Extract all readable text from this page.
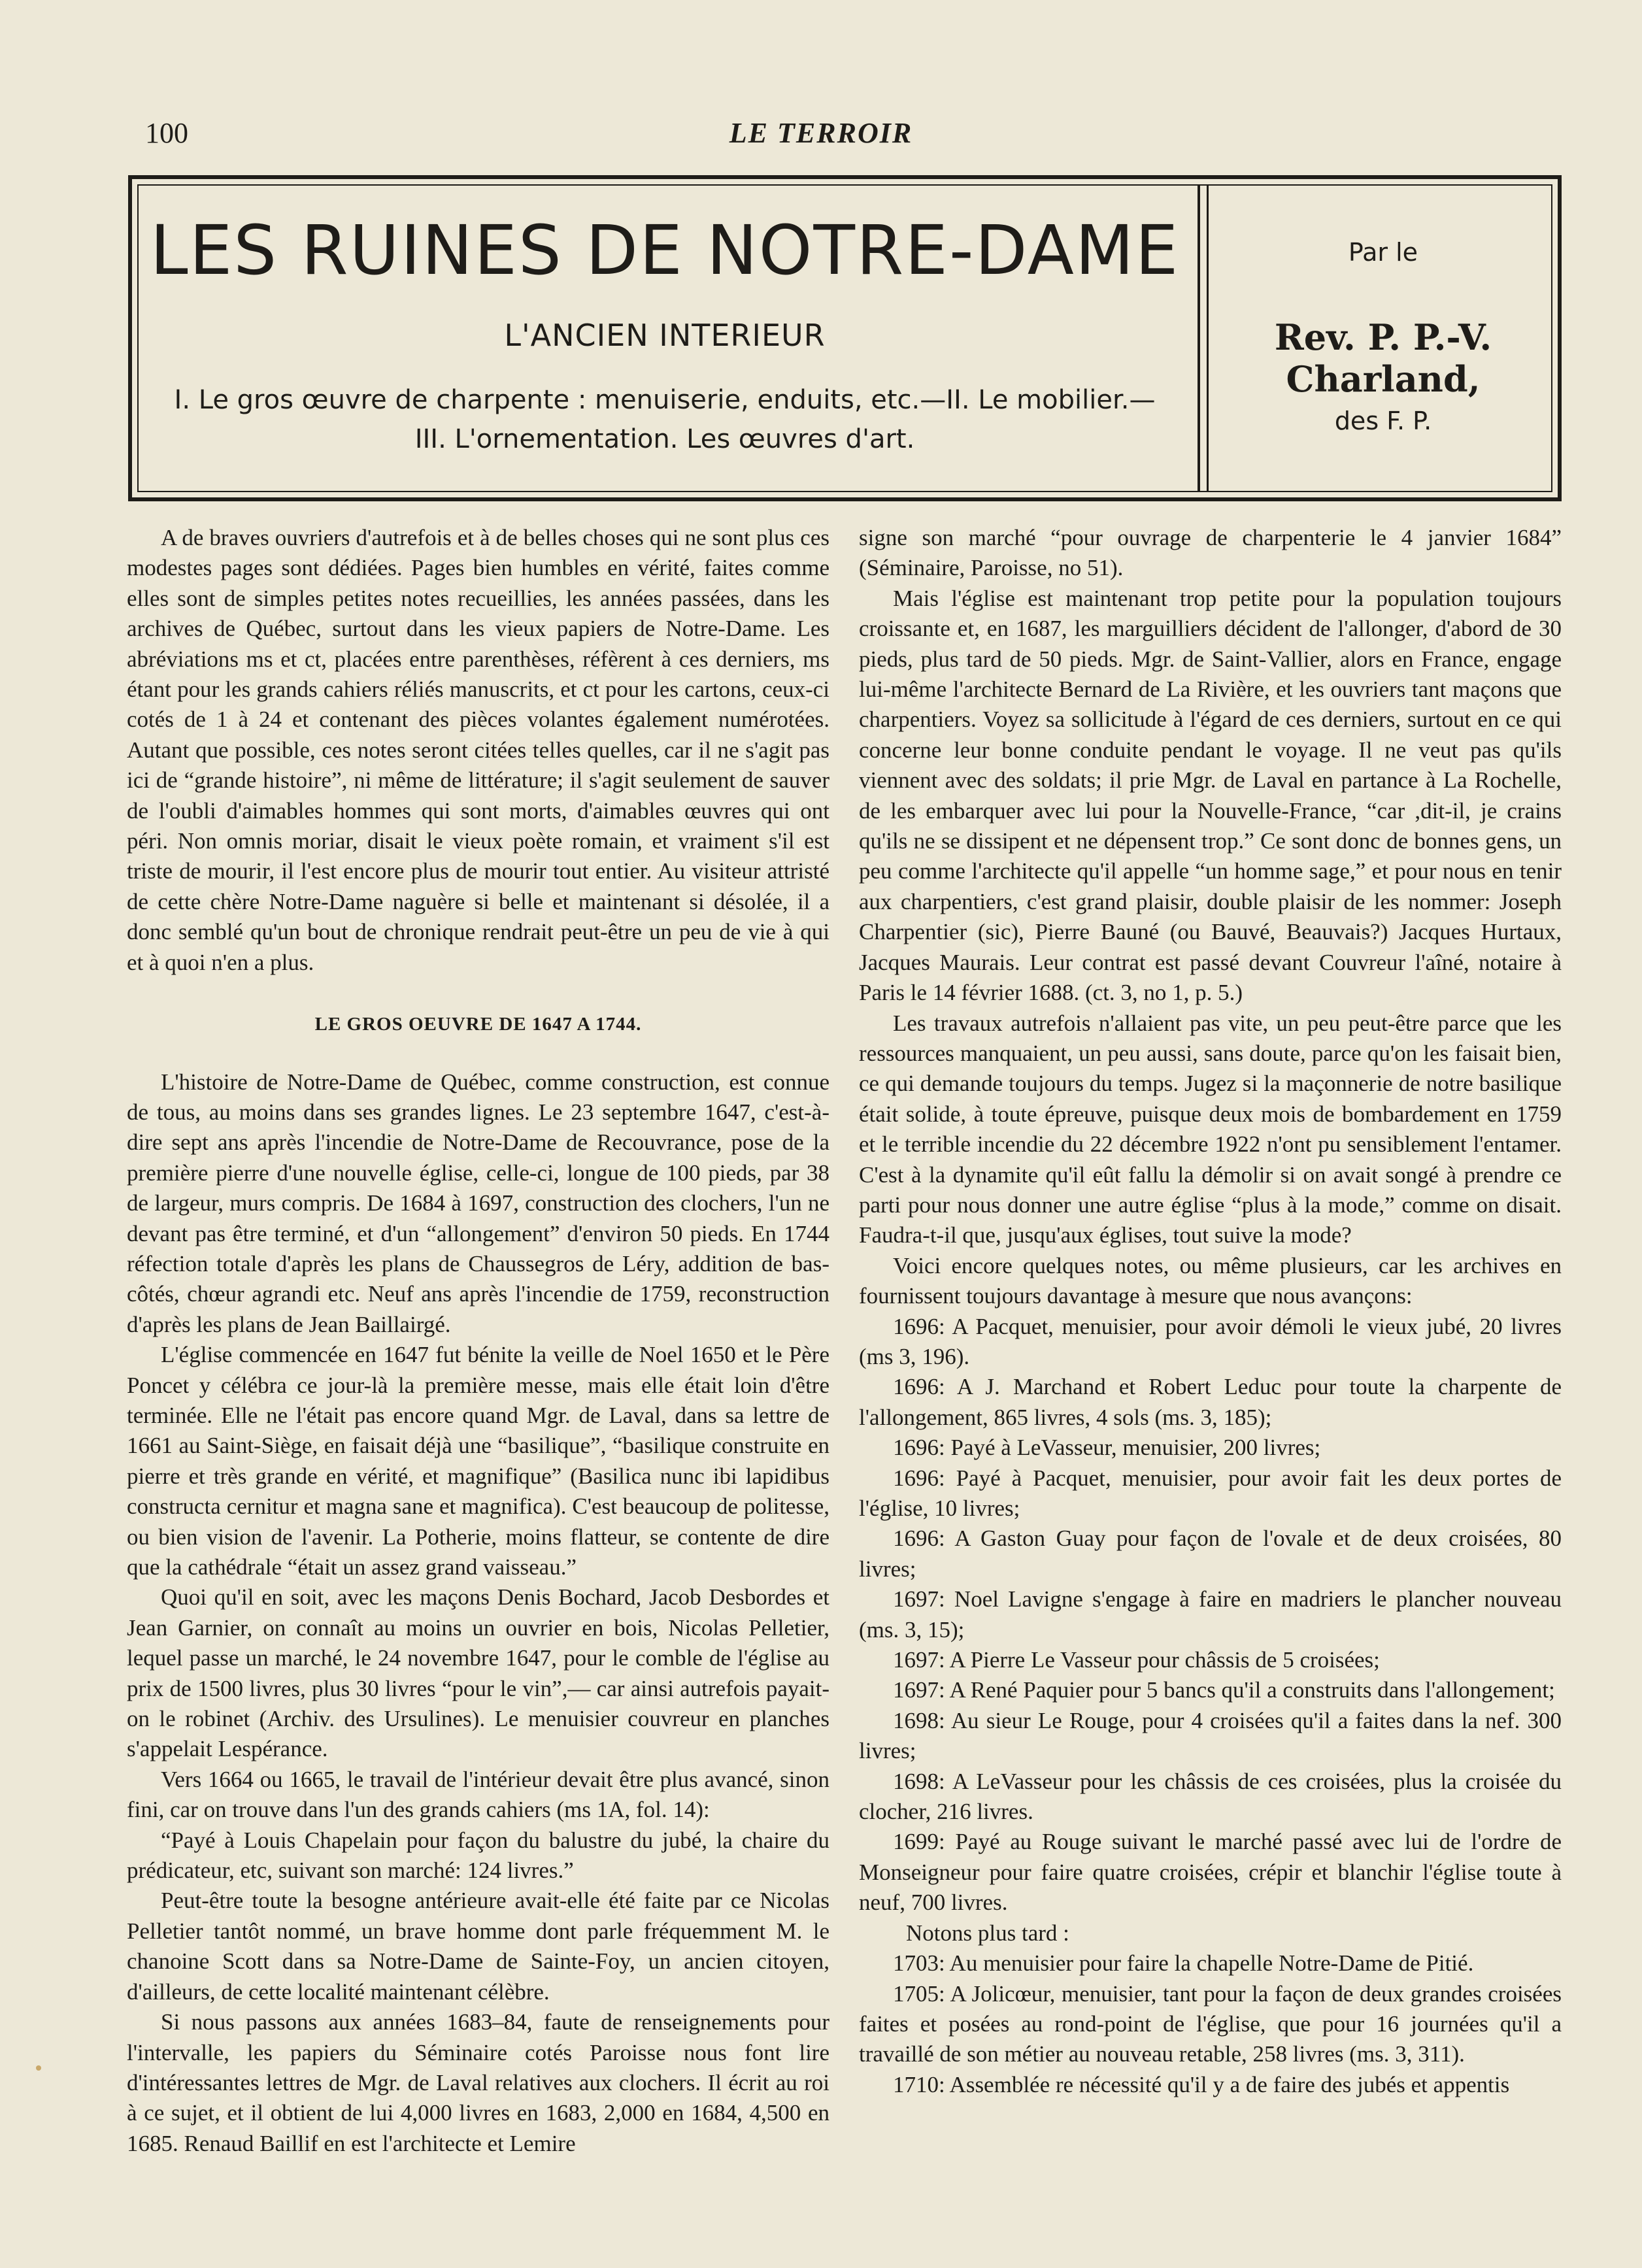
100	LE TERROIR
LES RUINES DE NOTRE-DAME
L'ANCIEN INTERIEUR
I. Le gros œuvre de charpente : menuiserie, enduits, etc.—II. Le mobilier.—
III. L'ornementation. Les œuvres d'art.
Par le
Rev. P. P.-V. Charland,
des F. P.

A de braves ouvriers d'autrefois et à de belles choses qui ne sont plus ces modestes pages sont dédiées. Pages bien humbles en vérité, faites comme elles sont de simples petites notes recueillies, les années passées, dans les archives de Québec, surtout dans les vieux papiers de Notre-Dame. Les abréviations ms et ct, placées entre parenthèses, réfèrent à ces derniers, ms étant pour les grands cahiers réliés manuscrits, et ct pour les cartons, ceux-ci cotés de 1 à 24 et contenant des pièces volantes également numérotées. Autant que possible, ces notes seront citées telles quelles, car il ne s'agit pas ici de “grande histoire”, ni même de littérature; il s'agit seulement de sauver de l'oubli d'aimables hommes qui sont morts, d'aimables œuvres qui ont péri. Non omnis moriar, disait le vieux poète romain, et vraiment s'il est triste de mourir, il l'est encore plus de mourir tout entier. Au visiteur attristé de cette chère Notre-Dame naguère si belle et maintenant si désolée, il a donc semblé qu'un bout de chronique rendrait peut-être un peu de vie à qui et à quoi n'en a plus.

LE GROS OEUVRE DE 1647 A 1744.

L'histoire de Notre-Dame de Québec, comme construction, est connue de tous, au moins dans ses grandes lignes. Le 23 septembre 1647, c'est-à-dire sept ans après l'incendie de Notre-Dame de Recouvrance, pose de la première pierre d'une nouvelle église, celle-ci, longue de 100 pieds, par 38 de largeur, murs compris. De 1684 à 1697, construction des clochers, l'un ne devant pas être terminé, et d'un “allongement” d'environ 50 pieds. En 1744 réfection totale d'après les plans de Chaussegros de Léry, addition de bas-côtés, chœur agrandi etc. Neuf ans après l'incendie de 1759, reconstruction d'après les plans de Jean Baillairgé.

L'église commencée en 1647 fut bénite la veille de Noel 1650 et le Père Poncet y célébra ce jour-là la première messe, mais elle était loin d'être terminée. Elle ne l'était pas encore quand Mgr. de Laval, dans sa lettre de 1661 au Saint-Siège, en faisait déjà une “basilique”, “basilique construite en pierre et très grande en vérité, et magnifique” (Basilica nunc ibi lapidibus constructa cernitur et magna sane et magnifica). C'est beaucoup de politesse, ou bien vision de l'avenir. La Potherie, moins flatteur, se contente de dire que la cathédrale “était un assez grand vaisseau.”

Quoi qu'il en soit, avec les maçons Denis Bochard, Jacob Desbordes et Jean Garnier, on connaît au moins un ouvrier en bois, Nicolas Pelletier, lequel passe un marché, le 24 novembre 1647, pour le comble de l'église au prix de 1500 livres, plus 30 livres “pour le vin”,— car ainsi autrefois payait-on le robinet (Archiv. des Ursulines). Le menuisier couvreur en planches s'appelait Lespérance.

Vers 1664 ou 1665, le travail de l'intérieur devait être plus avancé, sinon fini, car on trouve dans l'un des grands cahiers (ms 1A, fol. 14):

“Payé à Louis Chapelain pour façon du balustre du jubé, la chaire du prédicateur, etc, suivant son marché: 124 livres.”

Peut-être toute la besogne antérieure avait-elle été faite par ce Nicolas Pelletier tantôt nommé, un brave homme dont parle fréquemment M. le chanoine Scott dans sa Notre-Dame de Sainte-Foy, un ancien citoyen, d'ailleurs, de cette localité maintenant célèbre.

Si nous passons aux années 1683–84, faute de renseignements pour l'intervalle, les papiers du Séminaire cotés Paroisse nous font lire d'intéressantes lettres de Mgr. de Laval relatives aux clochers. Il écrit au roi à ce sujet, et il obtient de lui 4,000 livres en 1683, 2,000 en 1684, 4,500 en 1685. Renaud Baillif en est l'architecte et Lemire

signe son marché “pour ouvrage de charpenterie le 4 janvier 1684” (Séminaire, Paroisse, no 51).

Mais l'église est maintenant trop petite pour la population toujours croissante et, en 1687, les marguilliers décident de l'allonger, d'abord de 30 pieds, plus tard de 50 pieds. Mgr. de Saint-Vallier, alors en France, engage lui-même l'architecte Bernard de La Rivière, et les ouvriers tant maçons que charpentiers. Voyez sa sollicitude à l'égard de ces derniers, surtout en ce qui concerne leur bonne conduite pendant le voyage. Il ne veut pas qu'ils viennent avec des soldats; il prie Mgr. de Laval en partance à La Rochelle, de les embarquer avec lui pour la Nouvelle-France, “car ,dit-il, je crains qu'ils ne se dissipent et ne dépensent trop.” Ce sont donc de bonnes gens, un peu comme l'architecte qu'il appelle “un homme sage,” et pour nous en tenir aux charpentiers, c'est grand plaisir, double plaisir de les nommer: Joseph Charpentier (sic), Pierre Bauné (ou Bauvé, Beauvais?) Jacques Hurtaux, Jacques Maurais. Leur contrat est passé devant Couvreur l'aîné, notaire à Paris le 14 février 1688. (ct. 3, no 1, p. 5.)

Les travaux autrefois n'allaient pas vite, un peu peut-être parce que les ressources manquaient, un peu aussi, sans doute, parce qu'on les faisait bien, ce qui demande toujours du temps. Jugez si la maçonnerie de notre basilique était solide, à toute épreuve, puisque deux mois de bombardement en 1759 et le terrible incendie du 22 décembre 1922 n'ont pu sensiblement l'entamer. C'est à la dynamite qu'il eût fallu la démolir si on avait songé à prendre ce parti pour nous donner une autre église “plus à la mode,” comme on disait. Faudra-t-il que, jusqu'aux églises, tout suive la mode?

Voici encore quelques notes, ou même plusieurs, car les archives en fournissent toujours davantage à mesure que nous avançons:

1696: A Pacquet, menuisier, pour avoir démoli le vieux jubé, 20 livres (ms 3, 196).

1696: A J. Marchand et Robert Leduc pour toute la charpente de l'allongement, 865 livres, 4 sols (ms. 3, 185);

1696: Payé à LeVasseur, menuisier, 200 livres;

1696: Payé à Pacquet, menuisier, pour avoir fait les deux portes de l'église, 10 livres;

1696: A Gaston Guay pour façon de l'ovale et de deux croisées, 80 livres;

1697: Noel Lavigne s'engage à faire en madriers le plancher nouveau (ms. 3, 15);

1697: A Pierre Le Vasseur pour châssis de 5 croisées;

1697: A René Paquier pour 5 bancs qu'il a construits dans l'allongement;

1698: Au sieur Le Rouge, pour 4 croisées qu'il a faites dans la nef. 300 livres;

1698: A LeVasseur pour les châssis de ces croisées, plus la croisée du clocher, 216 livres.

1699: Payé au Rouge suivant le marché passé avec lui de l'ordre de Monseigneur pour faire quatre croisées, crépir et blanchir l'église toute à neuf, 700 livres.

Notons plus tard :

1703: Au menuisier pour faire la chapelle Notre-Dame de Pitié.

1705: A Jolicœur, menuisier, tant pour la façon de deux grandes croisées faites et posées au rond-point de l'église, que pour 16 journées qu'il a travaillé de son métier au nouveau retable, 258 livres (ms. 3, 311).

1710: Assemblée re nécessité qu'il y a de faire des jubés et appentis
